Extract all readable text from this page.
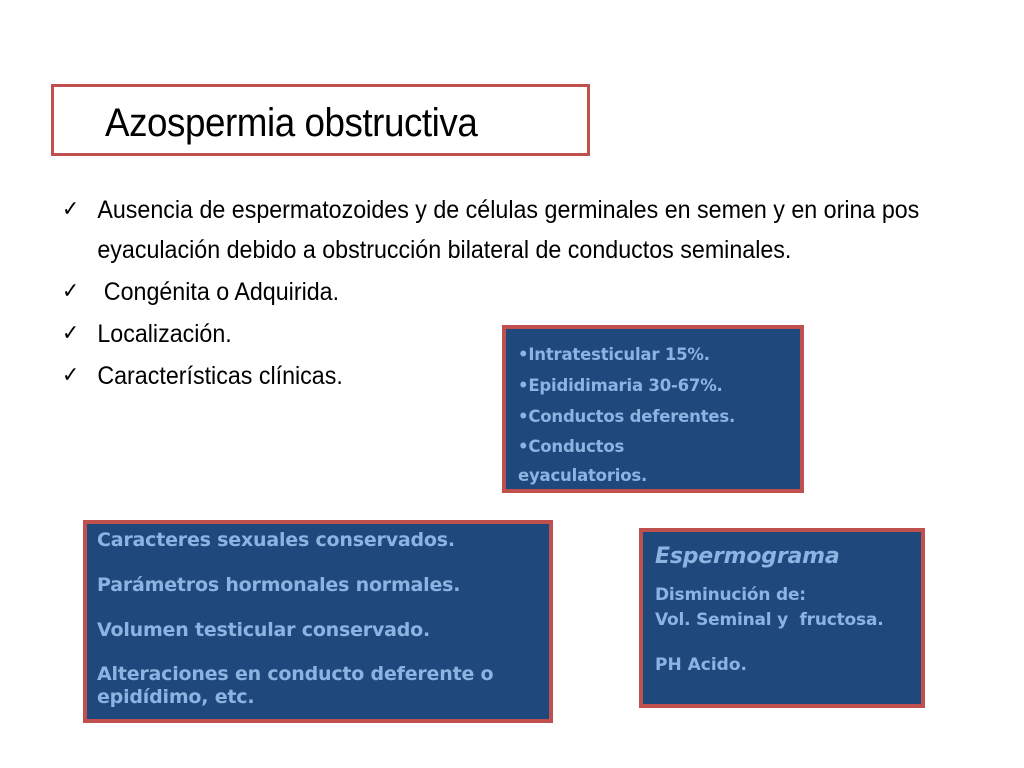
Azospermia obstructiva
✓ Ausencia de espermatozoides y de células germinales en semen y en orina pos eyaculación debido a obstrucción bilateral de conductos seminales.
✓ Congénita o Adquirida.
✓ Localización.
✓ Características clínicas.
•Intratesticular 15%.
•Epididimaria 30-67%.
•Conductos deferentes.
•Conductos
eyaculatorios.
Caracteres sexuales conservados.
Parámetros hormonales normales.
Volumen testicular conservado.
Alteraciones en conducto deferente o epidídimo, etc.
Espermograma
Disminución de:
Vol. Seminal y  fructosa.
PH Acido.
